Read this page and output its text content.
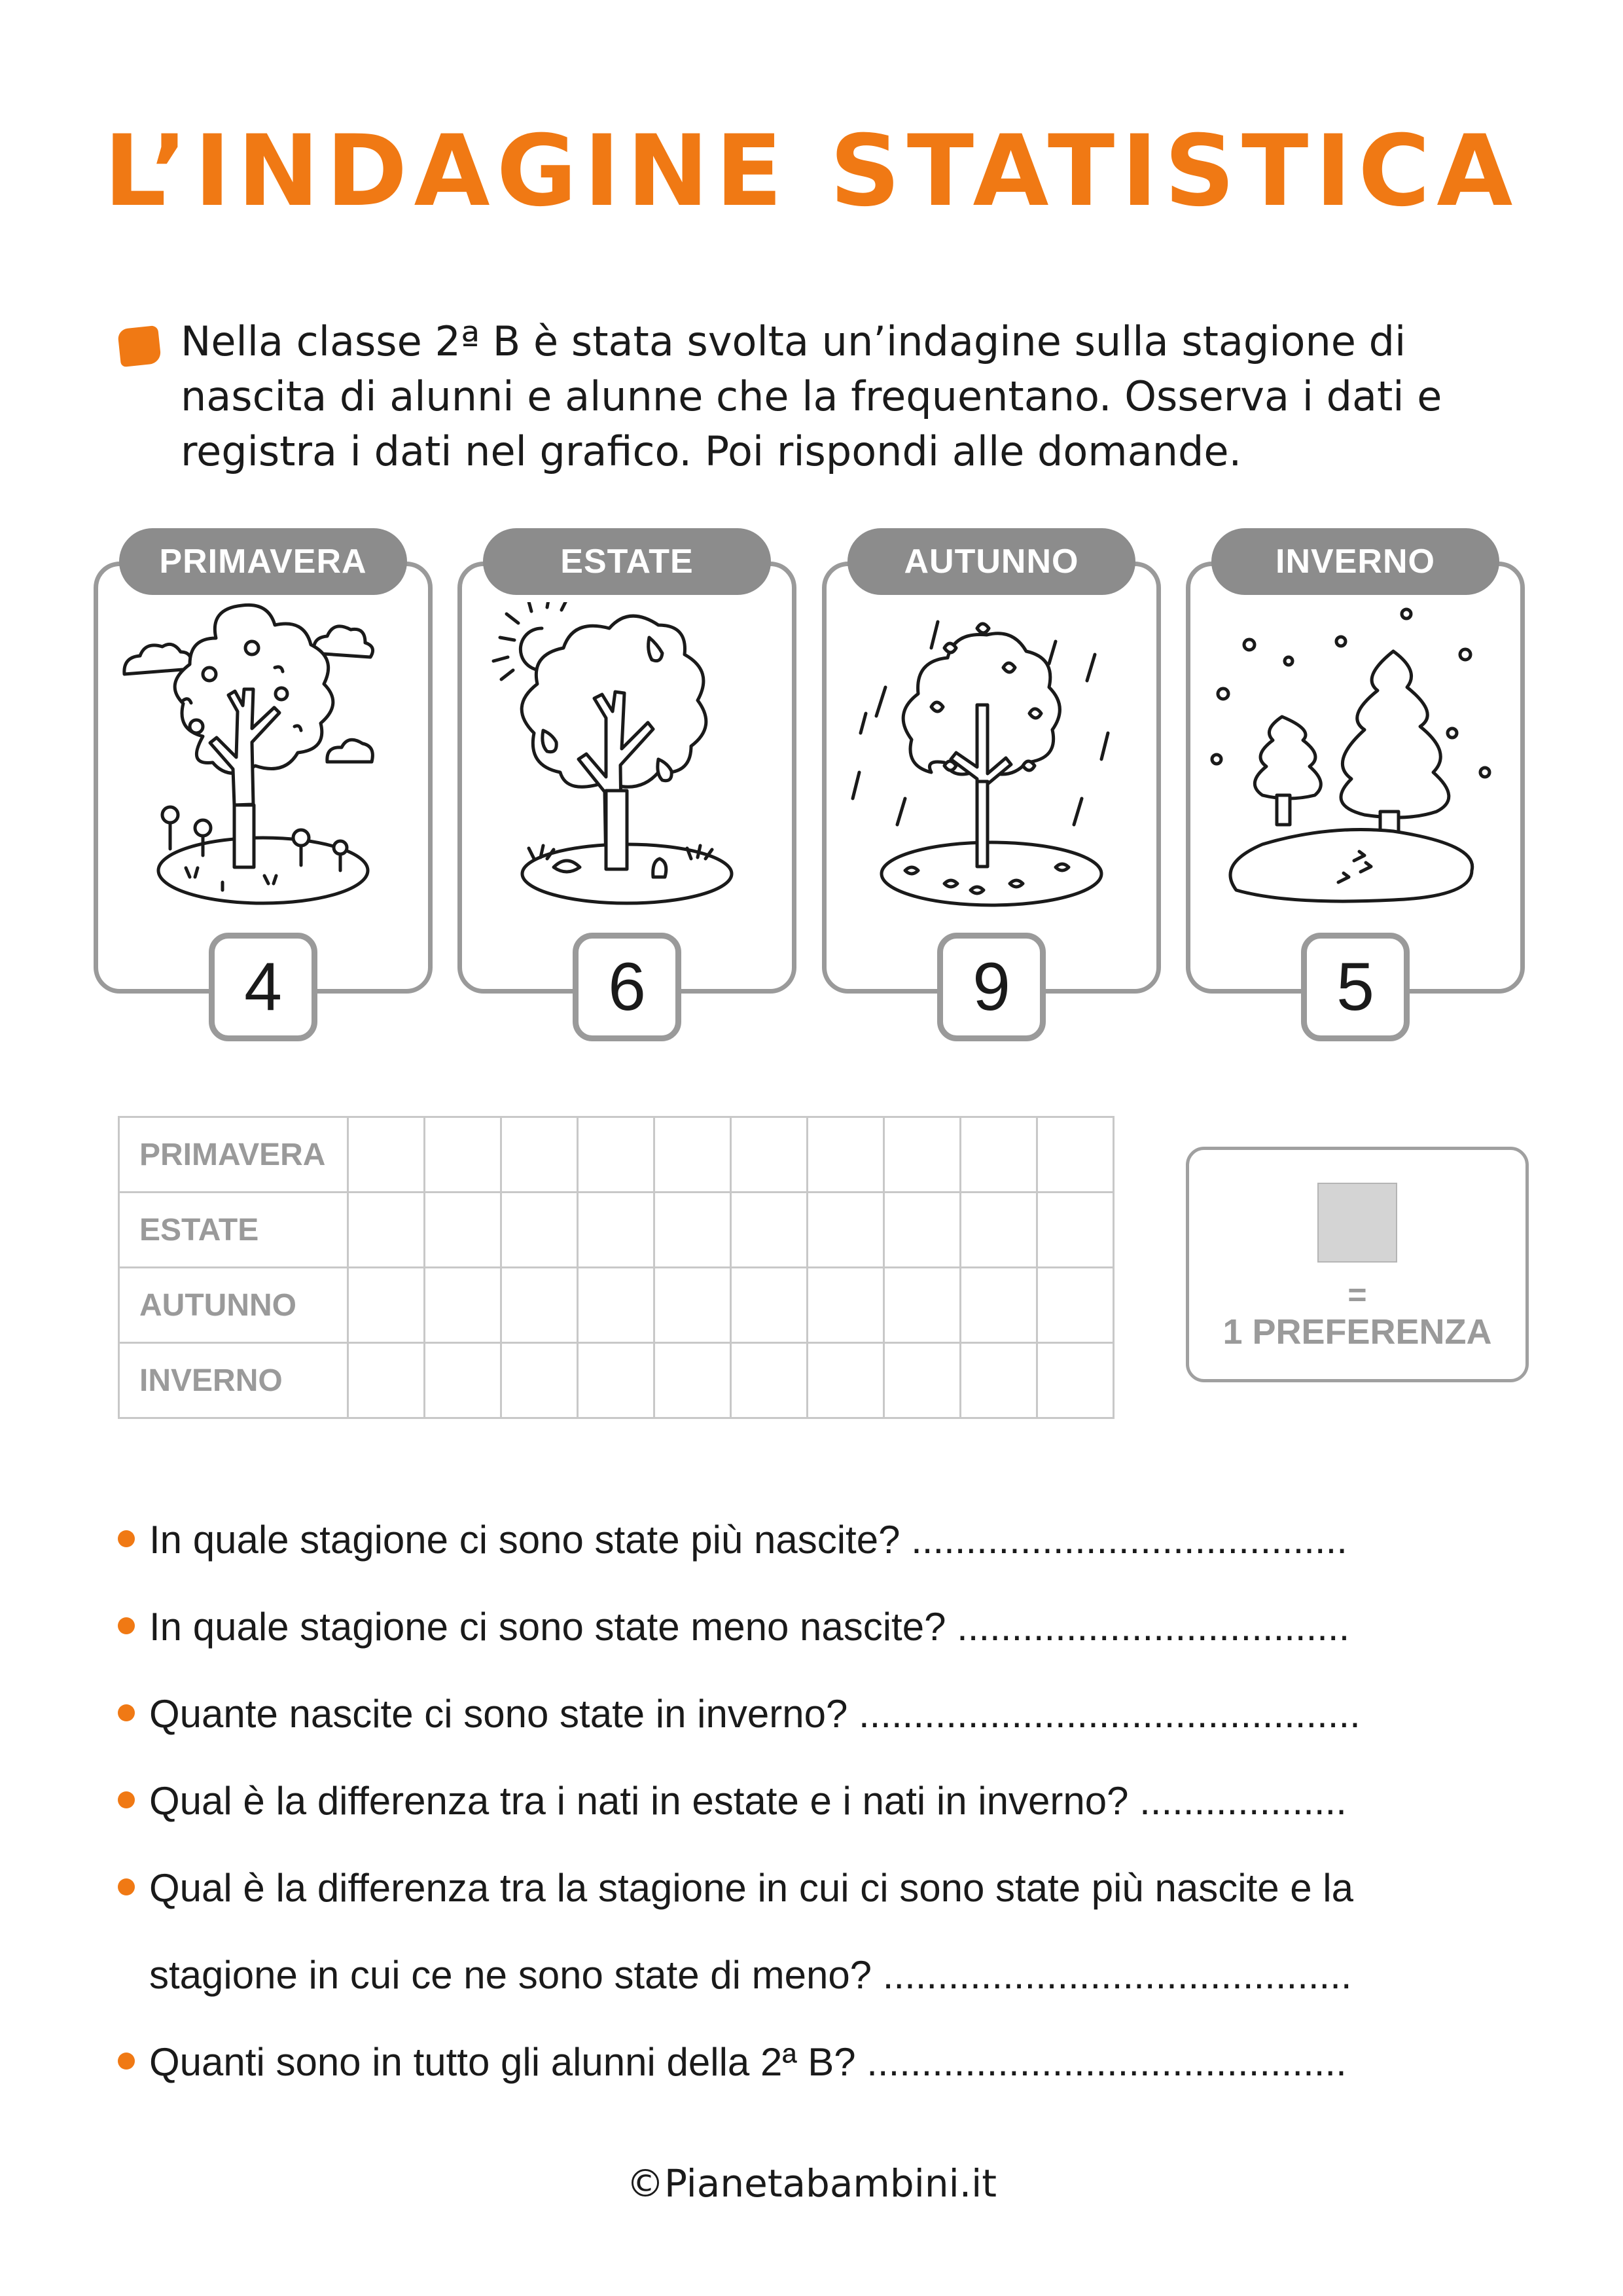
L’INDAGINE STATISTICA
Nella classe 2ª B è stata svolta un’indagine sulla stagione di nascita di alunni e alunne che la frequentano. Osserva i dati e registra i dati nel grafico. Poi rispondi alle domande.
PRIMAVERA
4
ESTATE
6
AUTUNNO
9
INVERNO
5
PRIMAVERA										
ESTATE										
AUTUNNO										
INVERNO										
=
1 PREFERENZA
In quale stagione ci sono state più nascite? ........................................
In quale stagione ci sono state meno nascite? ....................................
Quante nascite ci sono state in inverno? ..............................................
Qual è la differenza tra i nati in estate e i nati in inverno? ...................
Qual è la differenza tra la stagione in cui ci sono state più nascite e la
stagione in cui ce ne sono state di meno? ...........................................
Quanti sono in tutto gli alunni della 2ª B? ............................................
©Pianetabambini.it
